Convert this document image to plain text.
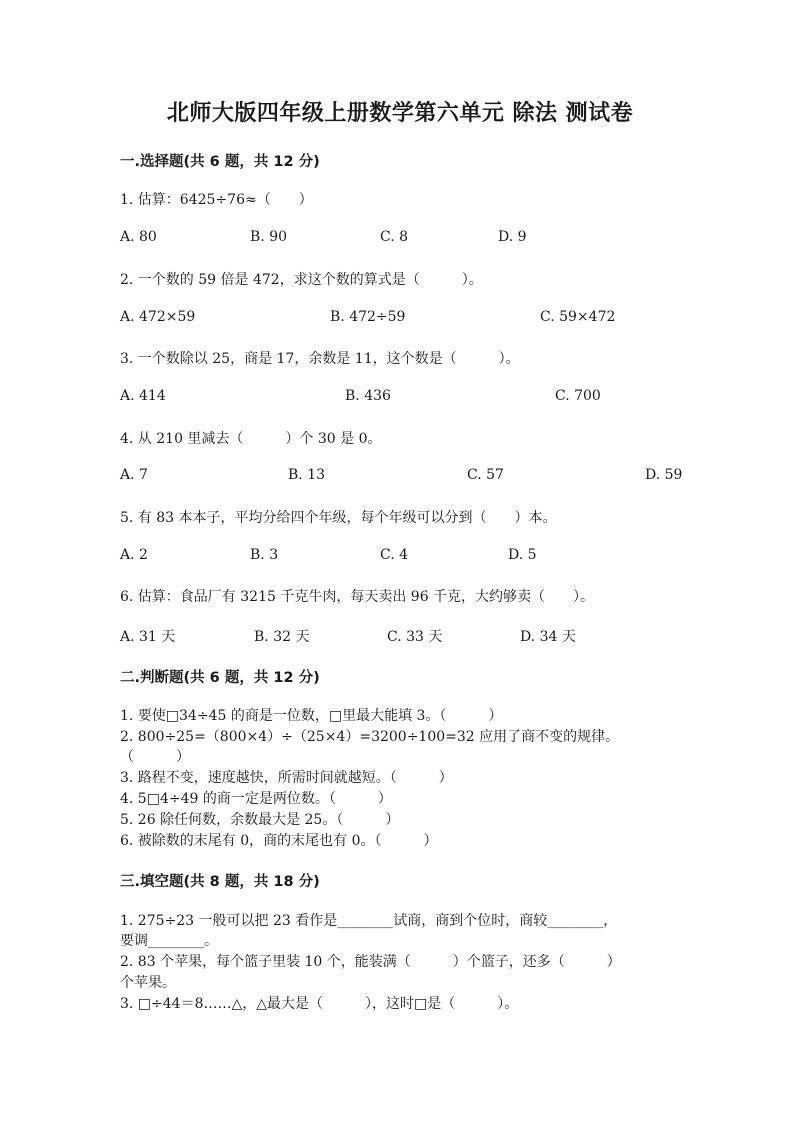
北师大版四年级上册数学第六单元 除法 测试卷
一.选择题(共 6 题，共 12 分)
1. 估算：6425÷76≈（　　）
A. 80	B. 90	C. 8	D. 9
2. 一个数的 59 倍是 472，求这个数的算式是（　　　）。
A. 472×59	B. 472÷59	C. 59×472
3. 一个数除以 25，商是 17，余数是 11，这个数是（　　　）。
A. 414	B. 436	C. 700
4. 从 210 里减去（　　　）个 30 是 0。
A. 7	B. 13	C. 57	D. 59
5. 有 83 本本子，平均分给四个年级，每个年级可以分到（　　）本。
A. 2	B. 3	C. 4	D. 5
6. 估算：食品厂有 3215 千克牛肉，每天卖出 96 千克，大约够卖（　　）。
A. 31 天	B. 32 天	C. 33 天	D. 34 天
二.判断题(共 6 题，共 12 分)
1. 要使□34÷45 的商是一位数，□里最大能填 3。（　　　）
2. 800÷25=（800×4）÷（25×4）=3200÷100=32 应用了商不变的规律。
（　　　）
3. 路程不变，速度越快，所需时间就越短。（　　　）
4. 5□4÷49 的商一定是两位数。（　　　）
5. 26 除任何数，余数最大是 25。（　　　）
6. 被除数的末尾有 0，商的末尾也有 0。（　　　）
三.填空题(共 8 题，共 18 分)
1. 275÷23 一般可以把 23 看作是________试商，商到个位时，商较________，
要调________。
2. 83 个苹果，每个篮子里装 10 个，能装满（　　　）个篮子，还多（　　　）
个苹果。
3. □÷44＝8……△，△最大是（　　　），这时□是（　　　）。
